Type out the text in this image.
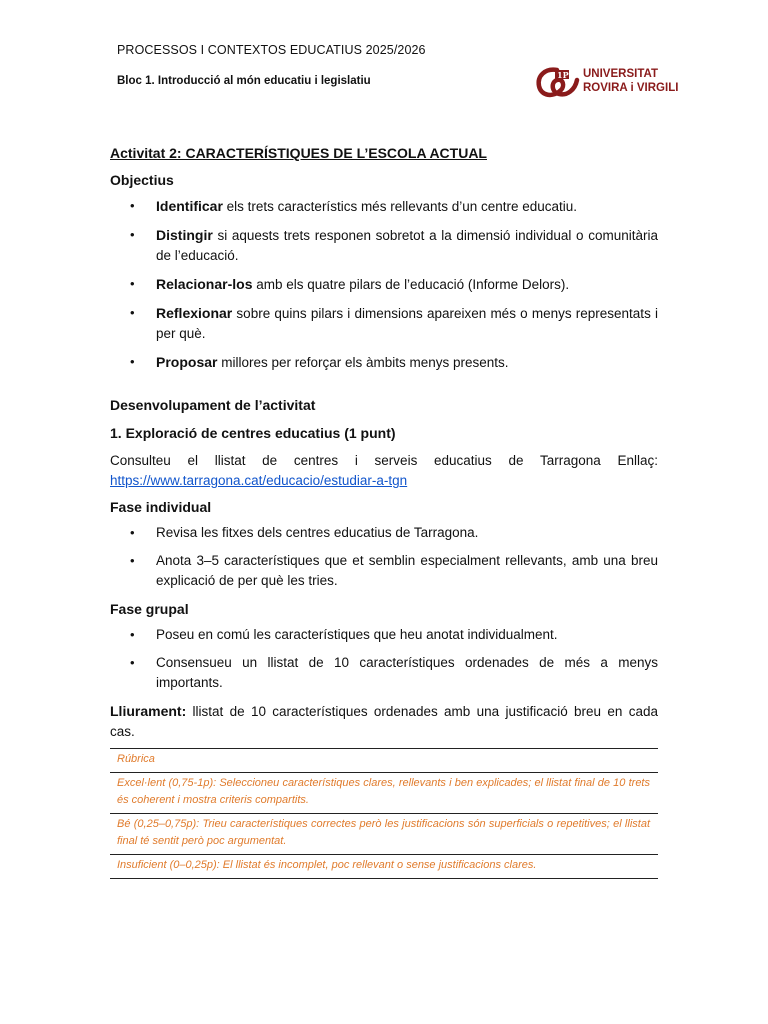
PROCESSOS I CONTEXTOS EDUCATIUS 2025/2026
Bloc 1. Introducció al món educatiu i legislatiu	1P UNIVERSITAT
ROVIRA i VIRGILI
Activitat 2: CARACTERÍSTIQUES DE L’ESCOLA ACTUAL
Objectius
• Identificar els trets característics més rellevants d’un centre educatiu.
• Distingir si aquests trets responen sobretot a la dimensió individual o comunitària de l’educació.
• Relacionar-los amb els quatre pilars de l’educació (Informe Delors).
• Reflexionar sobre quins pilars i dimensions apareixen més o menys representats i per què.
• Proposar millores per reforçar els àmbits menys presents.
Desenvolupament de l’activitat
1. Exploració de centres educatius (1 punt)

Consulteu el llistat de centres i serveis educatius de Tarragona Enllaç: https://www.tarragona.cat/educacio/estudiar-a-tgn

Fase individual
• Revisa les fitxes dels centres educatius de Tarragona.
• Anota 3–5 característiques que et semblin especialment rellevants, amb una breu explicació de per què les tries.
Fase grupal
• Poseu en comú les característiques que heu anotat individualment.
• Consensueu un llistat de 10 característiques ordenades de més a menys importants.

Lliurament: llistat de 10 característiques ordenades amb una justificació breu en cada cas.

Rúbrica
Excel·lent (0,75-1p): Seleccioneu característiques clares, rellevants i ben explicades; el llistat final de 10 trets és coherent i mostra criteris compartits.
Bé (0,25–0,75p): Trieu característiques correctes però les justificacions són superficials o repetitives; el llistat final té sentit però poc argumentat.
Insuficient (0–0,25p): El llistat és incomplet, poc rellevant o sense justificacions clares.
